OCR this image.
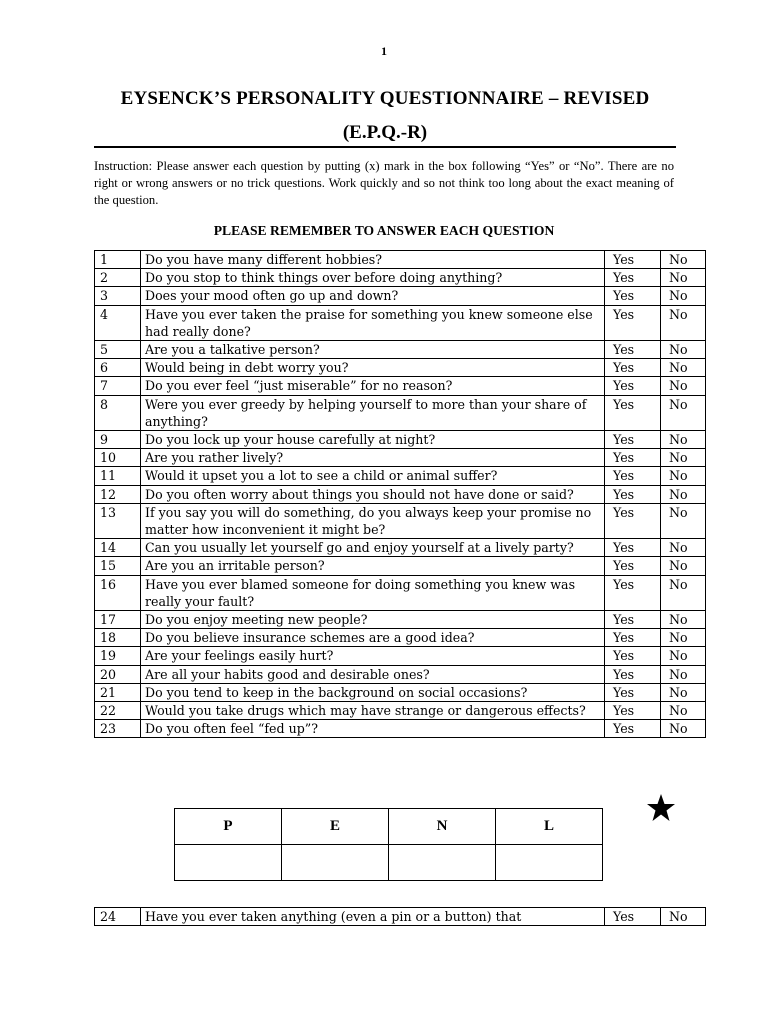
1
EYSENCK’S PERSONALITY QUESTIONNAIRE – REVISED
(E.P.Q.-R)
Instruction: Please answer each question by putting (x) mark in the box following “Yes” or “No”. There are no right or wrong answers or no trick questions. Work quickly and so not think too long about the exact meaning of the question.
PLEASE REMEMBER TO ANSWER EACH QUESTION
1	Do you have many different hobbies?	Yes	No
2	Do you stop to think things over before doing anything?	Yes	No
3	Does your mood often go up and down?	Yes	No
4	Have you ever taken the praise for something you knew someone else had really done?	Yes	No
5	Are you a talkative person?	Yes	No
6	Would being in debt worry you?	Yes	No
7	Do you ever feel “just miserable” for no reason?	Yes	No
8	Were you ever greedy by helping yourself to more than your share of anything?	Yes	No
9	Do you lock up your house carefully at night?	Yes	No
10	Are you rather lively?	Yes	No
11	Would it upset you a lot to see a child or animal suffer?	Yes	No
12	Do you often worry about things you should not have done or said?	Yes	No
13	If you say you will do something, do you always keep your promise no matter how inconvenient it might be?	Yes	No
14	Can you usually let yourself go and enjoy yourself at a lively party?	Yes	No
15	Are you an irritable person?	Yes	No
16	Have you ever blamed someone for doing something you knew was really your fault?	Yes	No
17	Do you enjoy meeting new people?	Yes	No
18	Do you believe insurance schemes are a good idea?	Yes	No
19	Are your feelings easily hurt?	Yes	No
20	Are all your habits good and desirable ones?	Yes	No
21	Do you tend to keep in the background on social occasions?	Yes	No
22	Would you take drugs which may have strange or dangerous effects?	Yes	No
23	Do you often feel “fed up”?	Yes	No
P	E	N	L

24	Have you ever taken anything (even a pin or a button) that	Yes	No
